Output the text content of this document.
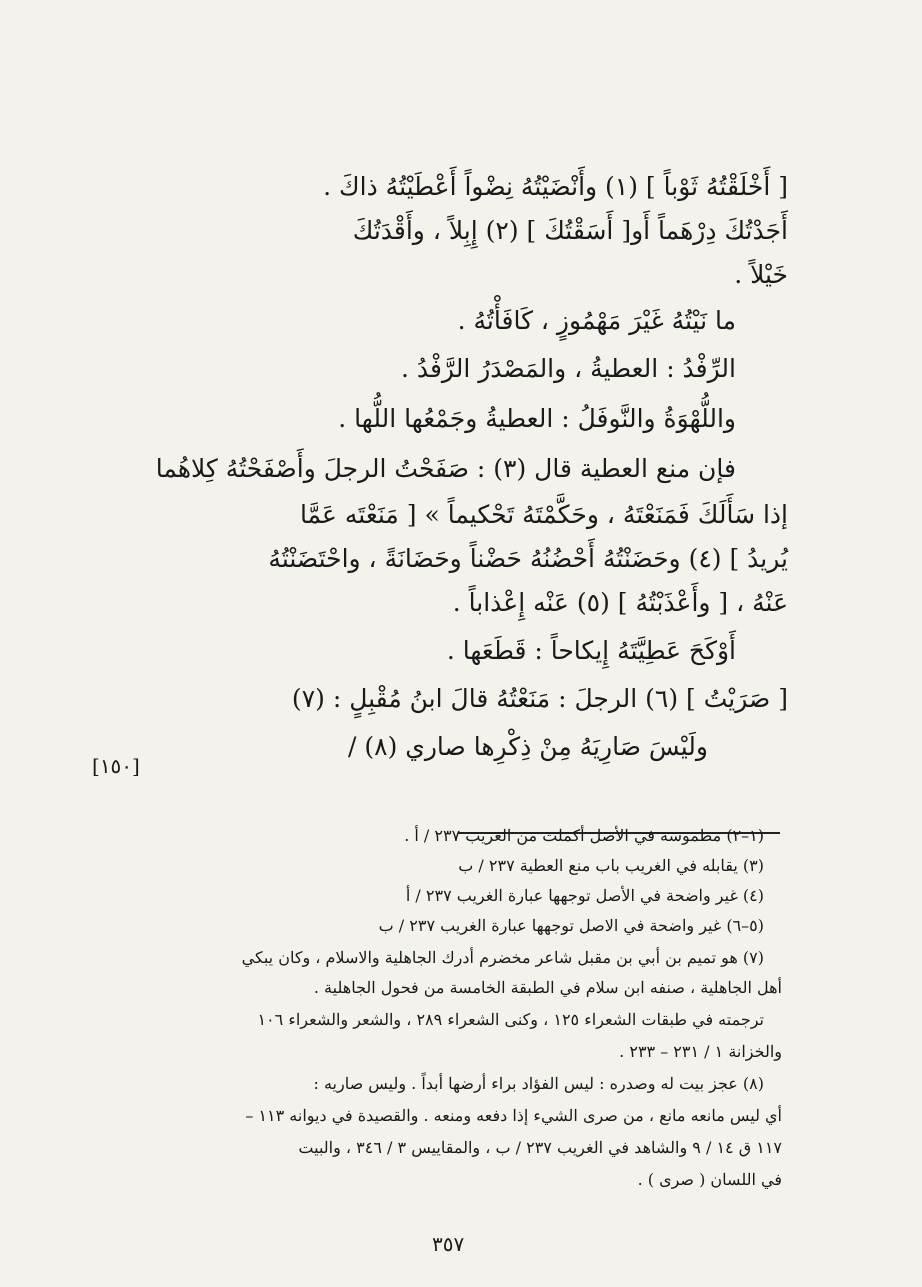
[ أَخْلَقْتُهُ ثَوْباً ] (١) وأَنْضَيْتُهُ نِضْواً أَعْطَيْتُهُ ذاكَ .
أَجَدْتُكَ دِرْهَماً أَو[ أَسَقْتُكَ ] (٢) إِبِلاً ، وأَقْدَتُكَ
خَيْلاً .
ما نَيْتُهُ غَيْرَ مَهْمُوزٍ ، كَافَأْتُهُ .
الرِّفْدُ : العطيةُ ، والمَصْدَرُ الرَّفْدُ .
واللُّهْوَةُ والنَّوفَلُ : العطيةُ وجَمْعُها اللُّها .
فإن منع العطية قال (٣) : صَفَحْتُ الرجلَ وأَصْفَحْتُهُ كِلاهُما
إذا سَأَلَكَ فَمَنَعْتَهُ ، وحَكَّمْتَهُ تَحْكيماً » [ مَنَعْتَه عَمَّا
يُريدُ ] (٤) وحَضَنْتُهُ أَحْضُنُهُ حَضْناً وحَضَانَةً ، واحْتَضَنْتُهُ
عَنْهُ ، [ وأَعْذَبْتُهُ ] (٥) عَنْه إِعْذاباً .
أَوْكَحَ عَطِيَّتَهُ إِيكاحاً : قَطَعَها .
[ صَرَيْتُ ] (٦) الرجلَ : مَنَعْتُهُ قالَ ابنُ مُقْبِلٍ : (٧)
ولَيْسَ صَارِيَهُ مِنْ ذِكْرِها صاري (٨) /
[١٥٠]
(١–٢) مطموسة في الأصل أكملت من الغريب ٢٣٧ / أ .
(٣) يقابله في الغريب باب منع العطية ٢٣٧ / ب
(٤) غير واضحة في الأصل توجهها عبارة الغريب ٢٣٧ / أ
(٥–٦) غير واضحة في الاصل توجهها عبارة الغريب ٢٣٧ / ب
(٧) هو تميم بن أبي بن مقبل شاعر مخضرم أدرك الجاهلية والاسلام ، وكان يبكي
أهل الجاهلية ، صنفه ابن سلام في الطبقة الخامسة من فحول الجاهلية .
ترجمته في طبقات الشعراء ١٢٥ ، وكنى الشعراء ٢٨٩ ، والشعر والشعراء ١٠٦
والخزانة ١ / ٢٣١ – ٢٣٣ .
(٨) عجز بيت له وصدره : ليس الفؤاد براء أرضها أبداً . وليس صاريه :
أي ليس مانعه مانع ، من صرى الشيء إذا دفعه ومنعه . والقصيدة في ديوانه ١١٣ –
١١٧ ق ١٤ / ٩ والشاهد في الغريب ٢٣٧ / ب ، والمقاييس ٣ / ٣٤٦ ، والبيت
في اللسان ( صرى ) .
٣٥٧
